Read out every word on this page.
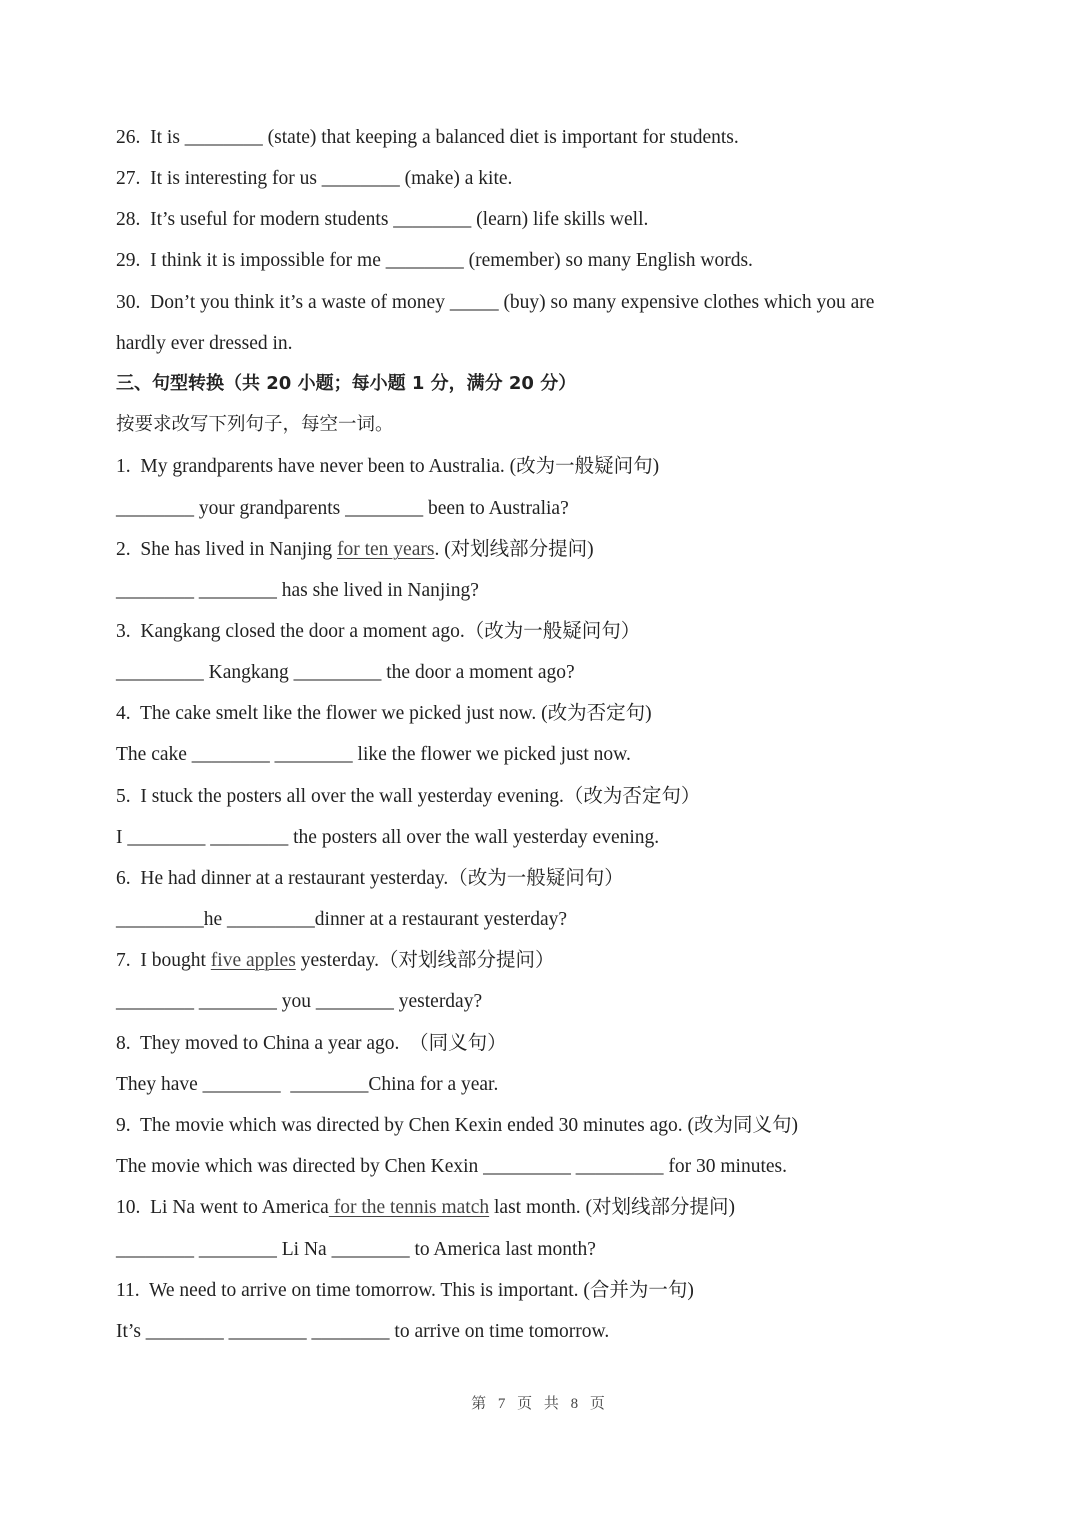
26.  It is ________ (state) that keeping a balanced diet is important for students.
27.  It is interesting for us ________ (make) a kite.
28.  It’s useful for modern students ________ (learn) life skills well.
29.  I think it is impossible for me ________ (remember) so many English words.
30.  Don’t you think it’s a waste of money _____ (buy) so many expensive clothes which you are
hardly ever dressed in.
三、句型转换（共 20 小题；每小题 1 分，满分 20 分）
按要求改写下列句子，每空一词。
1.  My grandparents have never been to Australia. (改为一般疑问句)
________ your grandparents ________ been to Australia?
2.  She has lived in Nanjing for ten years. (对划线部分提问)
________ ________ has she lived in Nanjing?
3.  Kangkang closed the door a moment ago.（改为一般疑问句）
_________ Kangkang _________ the door a moment ago?
4.  The cake smelt like the flower we picked just now. (改为否定句)
The cake ________ ________ like the flower we picked just now.
5.  I stuck the posters all over the wall yesterday evening.（改为否定句）
I ________ ________ the posters all over the wall yesterday evening.
6.  He had dinner at a restaurant yesterday.（改为一般疑问句）
_________he _________dinner at a restaurant yesterday?
7.  I bought five apples yesterday.（对划线部分提问）
________ ________ you ________ yesterday?
8.  They moved to China a year ago.  （同义句）
They have ________  ________China for a year.
9.  The movie which was directed by Chen Kexin ended 30 minutes ago. (改为同义句)
The movie which was directed by Chen Kexin _________ _________ for 30 minutes.
10.  Li Na went to America for the tennis match last month. (对划线部分提问)
________ ________ Li Na ________ to America last month?
11.  We need to arrive on time tomorrow. This is important. (合并为一句)
It’s ________ ________ ________ to arrive on time tomorrow.
第 7 页 共 8 页
